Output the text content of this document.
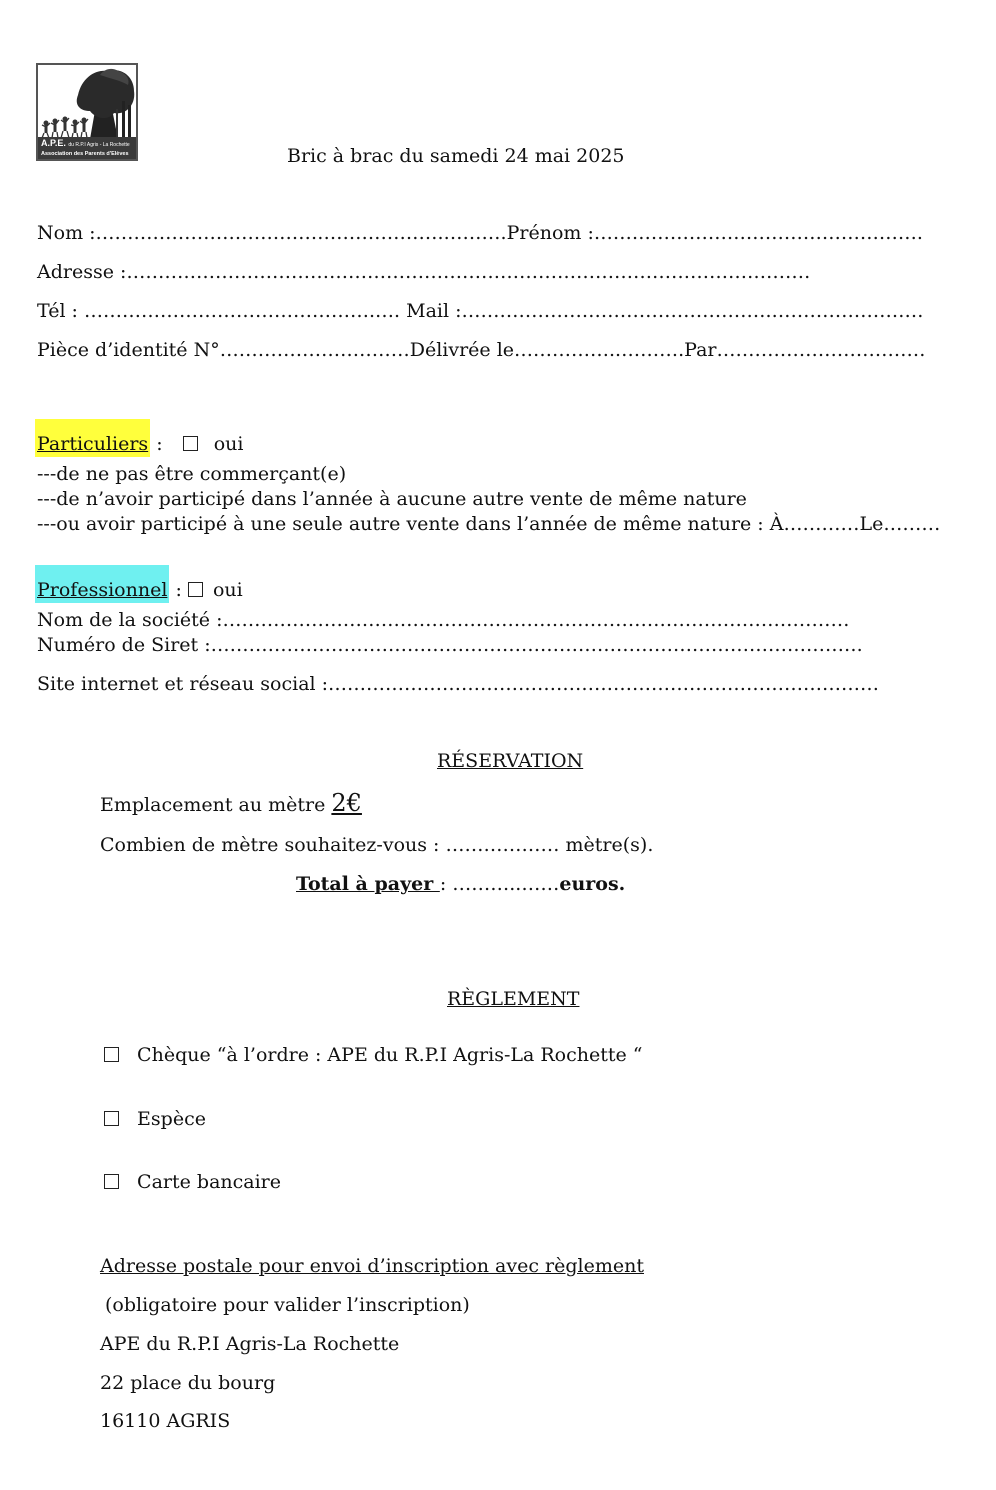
A.P.E. du R.P.I Agris - La Rochette
Association des Parents d'Elèves	Bric à brac du samedi 24 mai 2025
Nom :……………………………………………….……….Prénom :…………………………………………….
Adresse :………………………………………………………………………………………………
Tél : ……………………………………….…. Mail :………………………………………….……………………
Pièce d’identité N°…………………………Délivrée le……………..……….Par……………………………
Particuliers :  oui
---de ne pas être commerçant(e)
---de n’avoir participé dans l’année à aucune autre vente de même nature
---ou avoir participé à une seule autre vente dans l’année de même nature : À…………Le………
Professionnel :  oui
Nom de la société :………………………………………………………………………………………
Numéro de Siret :………………………………………………………………………………………….
Site internet et réseau social :……………………………………………………………………………
RÉSERVATION
Emplacement au mètre 2€
Combien de mètre souhaitez-vous : ……………… mètre(s).
Total à payer : ………..……euros.
RÈGLEMENT
Chèque “à l’ordre : APE du R.P.I Agris-La Rochette “
Espèce
Carte bancaire
Adresse postale pour envoi d’inscription avec règlement
(obligatoire pour valider l’inscription)
APE du R.P.I Agris-La Rochette
22 place du bourg
16110 AGRIS
